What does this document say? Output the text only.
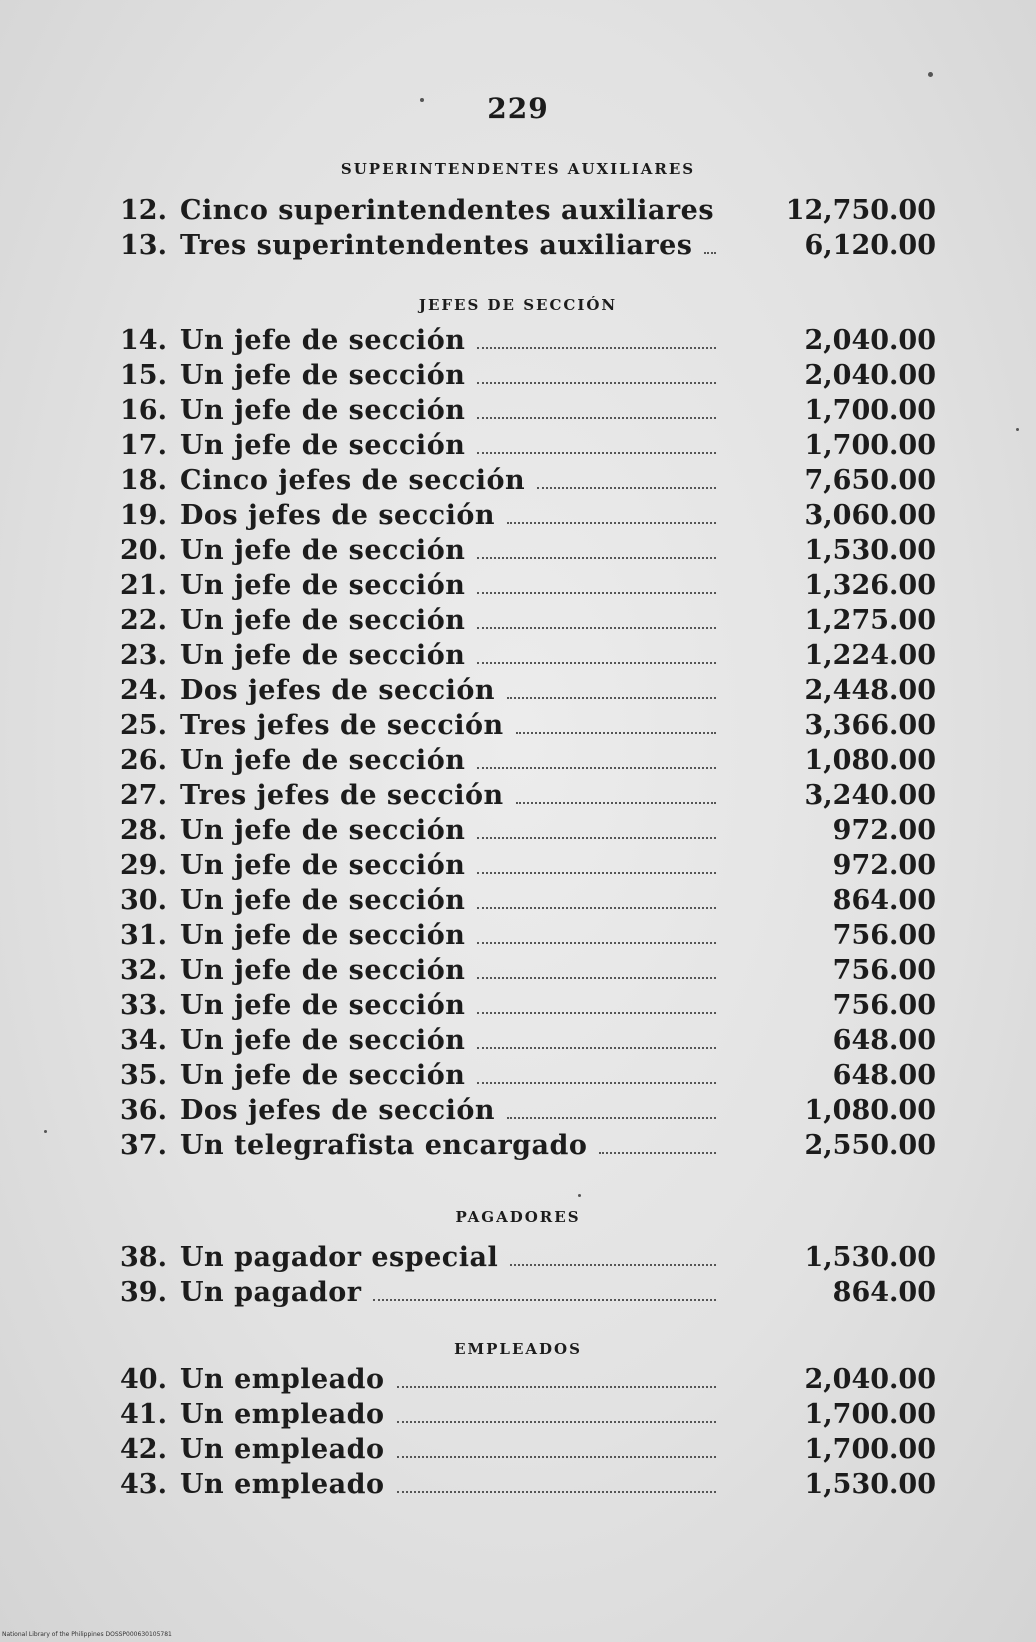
229
SUPERINTENDENTES AUXILIARES
12. Cinco superintendentes auxiliares	12,750.00
13. Tres superintendentes auxiliares	6,120.00
JEFES DE SECCIÓN
14. Un jefe de sección	2,040.00
15. Un jefe de sección	2,040.00
16. Un jefe de sección	1,700.00
17. Un jefe de sección	1,700.00
18. Cinco jefes de sección	7,650.00
19. Dos jefes de sección	3,060.00
20. Un jefe de sección	1,530.00
21. Un jefe de sección	1,326.00
22. Un jefe de sección	1,275.00
23. Un jefe de sección	1,224.00
24. Dos jefes de sección	2,448.00
25. Tres jefes de sección	3,366.00
26. Un jefe de sección	1,080.00
27. Tres jefes de sección	3,240.00
28. Un jefe de sección	972.00
29. Un jefe de sección	972.00
30. Un jefe de sección	864.00
31. Un jefe de sección	756.00
32. Un jefe de sección	756.00
33. Un jefe de sección	756.00
34. Un jefe de sección	648.00
35. Un jefe de sección	648.00
36. Dos jefes de sección	1,080.00
37. Un telegrafista encargado	2,550.00
PAGADORES
38. Un pagador especial	1,530.00
39. Un pagador	864.00
EMPLEADOS
40. Un empleado	2,040.00
41. Un empleado	1,700.00
42. Un empleado	1,700.00
43. Un empleado	1,530.00
National Library of the Philippines DOSSP000630105781
